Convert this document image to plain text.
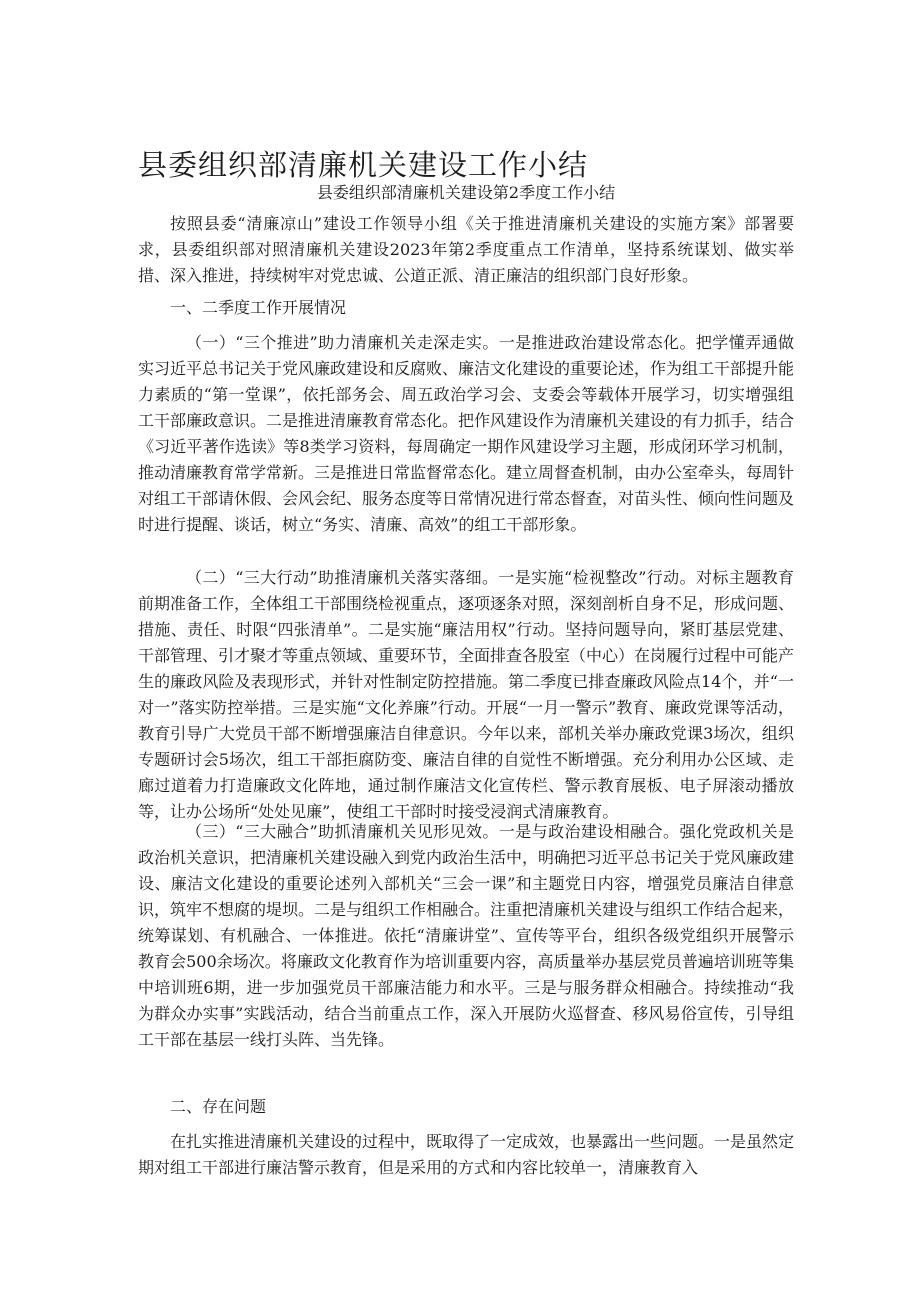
县委组织部清廉机关建设工作小结
县委组织部清廉机关建设第2季度工作小结

按照县委“清廉凉山”建设工作领导小组《关于推进清廉机关建设的实施方案》部署要求，县委组织部对照清廉机关建设2023年第2季度重点工作清单，坚持系统谋划、做实举措、深入推进，持续树牢对党忠诚、公道正派、清正廉洁的组织部门良好形象。

一、二季度工作开展情况

（一）“三个推进”助力清廉机关走深走实。一是推进政治建设常态化。把学懂弄通做实习近平总书记关于党风廉政建设和反腐败、廉洁文化建设的重要论述，作为组工干部提升能力素质的“第一堂课”，依托部务会、周五政治学习会、支委会等载体开展学习，切实增强组工干部廉政意识。二是推进清廉教育常态化。把作风建设作为清廉机关建设的有力抓手，结合《习近平著作选读》等8类学习资料，每周确定一期作风建设学习主题，形成闭环学习机制，推动清廉教育常学常新。三是推进日常监督常态化。建立周督查机制，由办公室牵头，每周针对组工干部请休假、会风会纪、服务态度等日常情况进行常态督查，对苗头性、倾向性问题及时进行提醒、谈话，树立“务实、清廉、高效”的组工干部形象。

（二）“三大行动”助推清廉机关落实落细。一是实施“检视整改”行动。对标主题教育前期准备工作，全体组工干部围绕检视重点，逐项逐条对照，深刻剖析自身不足，形成问题、措施、责任、时限“四张清单”。二是实施“廉洁用权”行动。坚持问题导向，紧盯基层党建、干部管理、引才聚才等重点领域、重要环节，全面排查各股室（中心）在岗履行过程中可能产生的廉政风险及表现形式，并针对性制定防控措施。第二季度已排查廉政风险点14个，并“一对一”落实防控举措。三是实施“文化养廉”行动。开展“一月一警示”教育、廉政党课等活动，教育引导广大党员干部不断增强廉洁自律意识。今年以来，部机关举办廉政党课3场次，组织专题研讨会5场次，组工干部拒腐防变、廉洁自律的自觉性不断增强。充分利用办公区域、走廊过道着力打造廉政文化阵地，通过制作廉洁文化宣传栏、警示教育展板、电子屏滚动播放等，让办公场所“处处见廉”，使组工干部时时接受浸润式清廉教育。

（三）“三大融合”助抓清廉机关见形见效。一是与政治建设相融合。强化党政机关是政治机关意识，把清廉机关建设融入到党内政治生活中，明确把习近平总书记关于党风廉政建设、廉洁文化建设的重要论述列入部机关“三会一课”和主题党日内容，增强党员廉洁自律意识，筑牢不想腐的堤坝。二是与组织工作相融合。注重把清廉机关建设与组织工作结合起来，统筹谋划、有机融合、一体推进。依托“清廉讲堂”、宣传等平台，组织各级党组织开展警示教育会500余场次。将廉政文化教育作为培训重要内容，高质量举办基层党员普遍培训班等集中培训班6期，进一步加强党员干部廉洁能力和水平。三是与服务群众相融合。持续推动“我为群众办实事”实践活动，结合当前重点工作，深入开展防火巡督查、移风易俗宣传，引导组工干部在基层一线打头阵、当先锋。

二、存在问题

在扎实推进清廉机关建设的过程中，既取得了一定成效，也暴露出一些问题。一是虽然定期对组工干部进行廉洁警示教育，但是采用的方式和内容比较单一，清廉教育入
